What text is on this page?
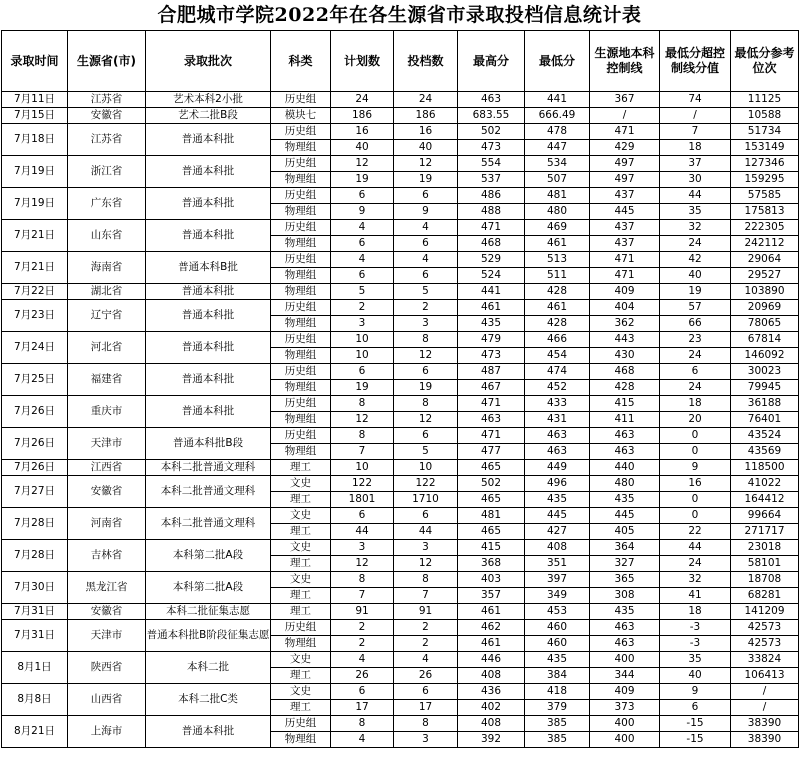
合肥城市学院2022年在各生源省市录取投档信息统计表
录取时间	生源省(市)	录取批次	科类	计划数	投档数	最高分	最低分	生源地本科控制线	最低分超控制线分值	最低分参考位次
7月11日	江苏省	艺术本科2小批	历史组	24	24	463	441	367	74	11125
7月15日	安徽省	艺术二批B段	模块七	186	186	683.55	666.49	/	/	10588
7月18日	江苏省	普通本科批	历史组	16	16	502	478	471	7	51734
			物理组	40	40	473	447	429	18	153149
7月19日	浙江省	普通本科批	历史组	12	12	554	534	497	37	127346
			物理组	19	19	537	507	497	30	159295
7月19日	广东省	普通本科批	历史组	6	6	486	481	437	44	57585
			物理组	9	9	488	480	445	35	175813
7月21日	山东省	普通本科批	历史组	4	4	471	469	437	32	222305
			物理组	6	6	468	461	437	24	242112
7月21日	海南省	普通本科B批	历史组	4	4	529	513	471	42	29064
			物理组	6	6	524	511	471	40	29527
7月22日	湖北省	普通本科批	物理组	5	5	441	428	409	19	103890
7月23日	辽宁省	普通本科批	历史组	2	2	461	461	404	57	20969
			物理组	3	3	435	428	362	66	78065
7月24日	河北省	普通本科批	历史组	10	8	479	466	443	23	67814
			物理组	10	12	473	454	430	24	146092
7月25日	福建省	普通本科批	历史组	6	6	487	474	468	6	30023
			物理组	19	19	467	452	428	24	79945
7月26日	重庆市	普通本科批	历史组	8	8	471	433	415	18	36188
			物理组	12	12	463	431	411	20	76401
7月26日	天津市	普通本科批B段	历史组	8	6	471	463	463	0	43524
			物理组	7	5	477	463	463	0	43569
7月26日	江西省	本科二批普通文理科	理工	10	10	465	449	440	9	118500
7月27日	安徽省	本科二批普通文理科	文史	122	122	502	496	480	16	41022
			理工	1801	1710	465	435	435	0	164412
7月28日	河南省	本科二批普通文理科	文史	6	6	481	445	445	0	99664
			理工	44	44	465	427	405	22	271717
7月28日	吉林省	本科第二批A段	文史	3	3	415	408	364	44	23018
			理工	12	12	368	351	327	24	58101
7月30日	黑龙江省	本科第二批A段	文史	8	8	403	397	365	32	18708
			理工	7	7	357	349	308	41	68281
7月31日	安徽省	本科二批征集志愿	理工	91	91	461	453	435	18	141209
7月31日	天津市	普通本科批B阶段征集志愿	历史组	2	2	462	460	463	-3	42573
			物理组	2	2	461	460	463	-3	42573
8月1日	陕西省	本科二批	文史	4	4	446	435	400	35	33824
			理工	26	26	408	384	344	40	106413
8月8日	山西省	本科二批C类	文史	6	6	436	418	409	9	/
			理工	17	17	402	379	373	6	/
8月21日	上海市	普通本科批	历史组	8	8	408	385	400	-15	38390
			物理组	4	3	392	385	400	-15	38390
